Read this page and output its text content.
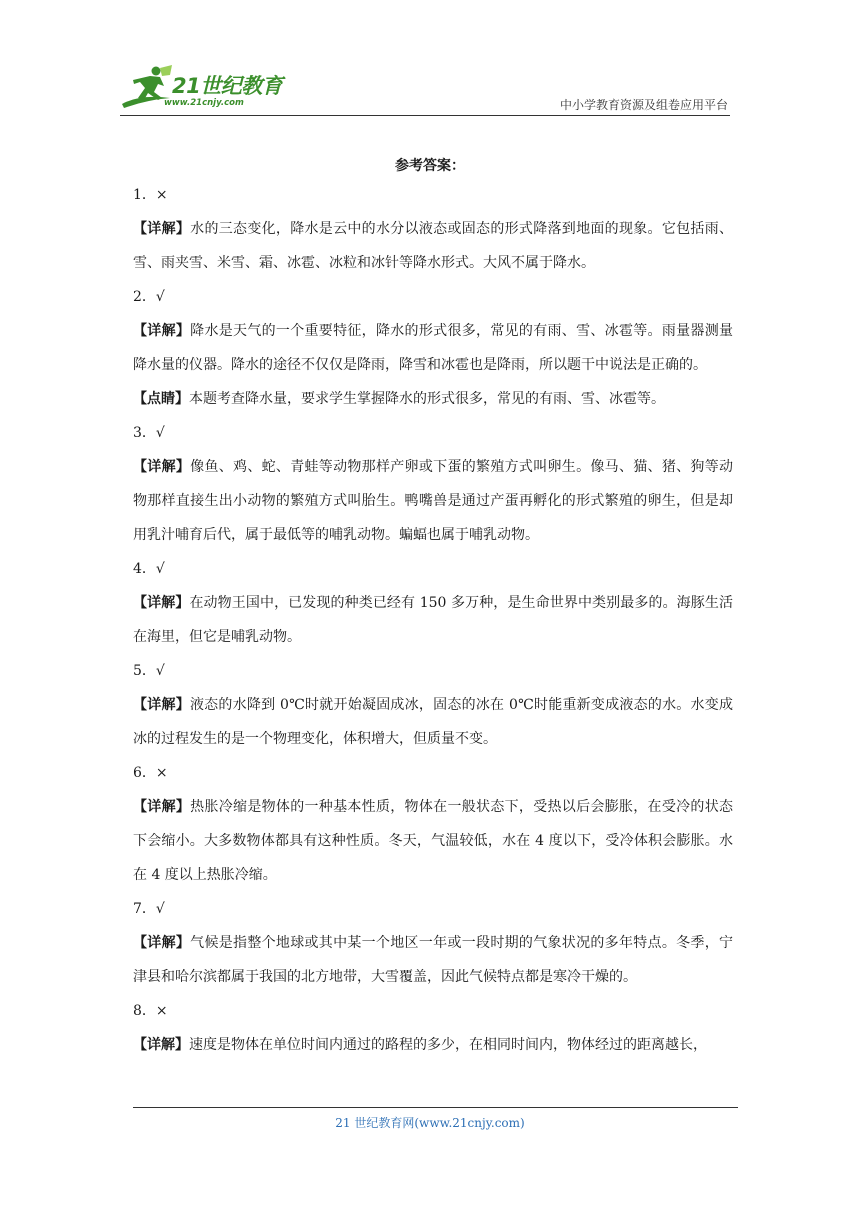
21世纪教育
www.21cnjy.com	中小学教育资源及组卷应用平台
参考答案：
1．×
【详解】水的三态变化，降水是云中的水分以液态或固态的形式降落到地面的现象。它包括雨、雪、雨夹雪、米雪、霜、冰雹、冰粒和冰针等降水形式。大风不属于降水。
2．√
【详解】降水是天气的一个重要特征，降水的形式很多，常见的有雨、雪、冰雹等。雨量器测量降水量的仪器。降水的途径不仅仅是降雨，降雪和冰雹也是降雨，所以题干中说法是正确的。
【点睛】本题考查降水量，要求学生掌握降水的形式很多，常见的有雨、雪、冰雹等。
3．√
【详解】像鱼、鸡、蛇、青蛙等动物那样产卵或下蛋的繁殖方式叫卵生。像马、猫、猪、狗等动物那样直接生出小动物的繁殖方式叫胎生。鸭嘴兽是通过产蛋再孵化的形式繁殖的卵生，但是却用乳汁哺育后代，属于最低等的哺乳动物。蝙蝠也属于哺乳动物。
4．√
【详解】在动物王国中，已发现的种类已经有 150 多万种，是生命世界中类别最多的。海豚生活在海里，但它是哺乳动物。
5．√
【详解】液态的水降到 0℃时就开始凝固成冰，固态的冰在 0℃时能重新变成液态的水。水变成冰的过程发生的是一个物理变化，体积增大，但质量不变。
6．×
【详解】热胀冷缩是物体的一种基本性质，物体在一般状态下，受热以后会膨胀，在受冷的状态下会缩小。大多数物体都具有这种性质。冬天，气温较低，水在 4 度以下，受冷体积会膨胀。水在 4 度以上热胀冷缩。
7．√
【详解】气候是指整个地球或其中某一个地区一年或一段时期的气象状况的多年特点。冬季，宁津县和哈尔滨都属于我国的北方地带，大雪覆盖，因此气候特点都是寒冷干燥的。
8．×
【详解】速度是物体在单位时间内通过的路程的多少，在相同时间内，物体经过的距离越长，
21 世纪教育网(www.21cnjy.com)
